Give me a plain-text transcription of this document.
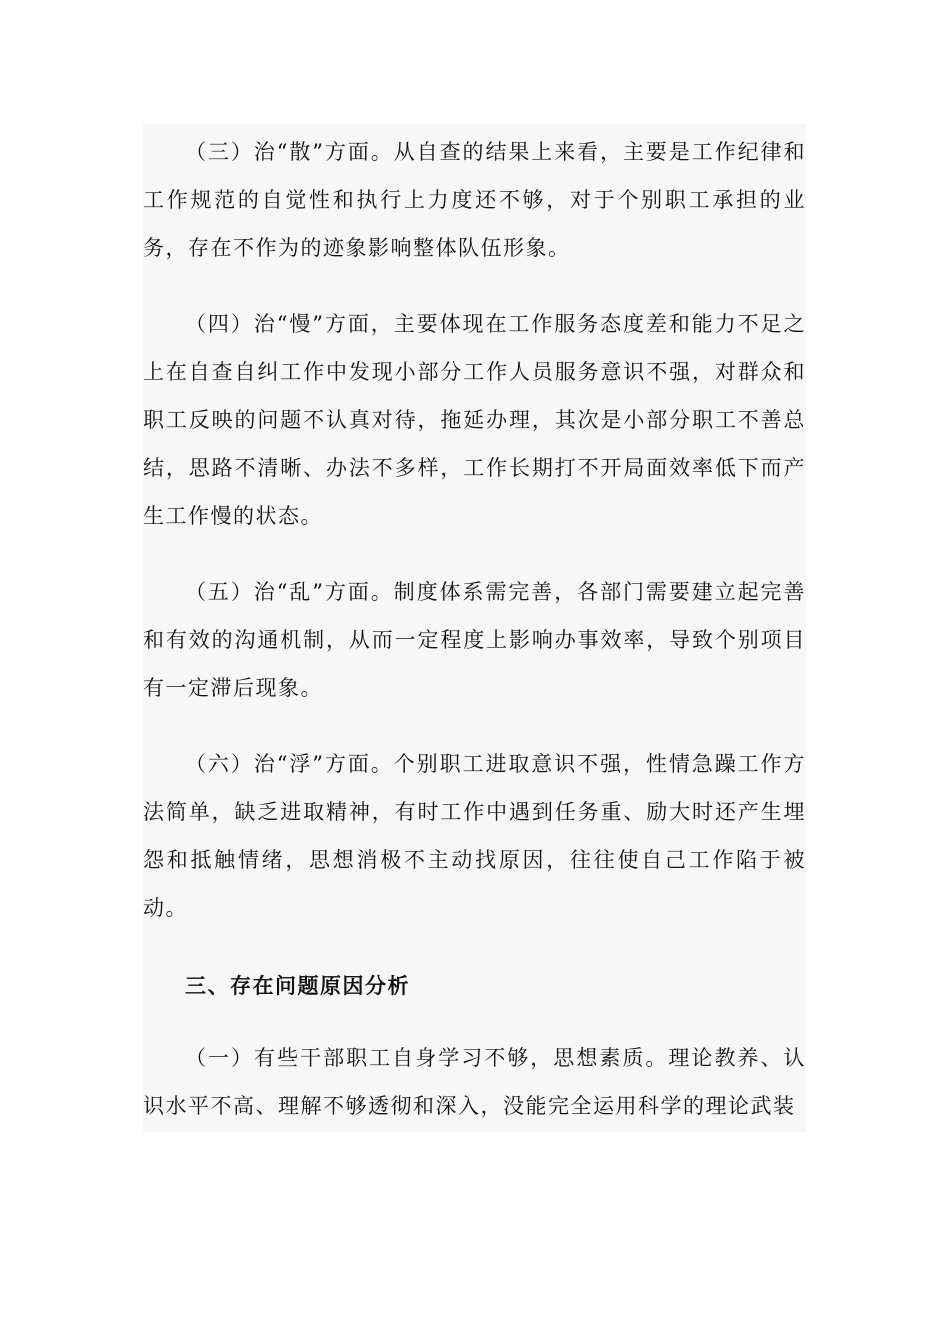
（三）治“散”方面。从自查的结果上来看，主要是工作纪律和工作规范的自觉性和执行上力度还不够，对于个别职工承担的业务，存在不作为的迹象影响整体队伍形象。

（四）治“慢”方面，主要体现在工作服务态度差和能力不足之上在自查自纠工作中发现小部分工作人员服务意识不强，对群众和职工反映的问题不认真对待，拖延办理，其次是小部分职工不善总结，思路不清晰、办法不多样，工作长期打不开局面效率低下而产生工作慢的状态。

（五）治“乱”方面。制度体系需完善，各部门需要建立起完善和有效的沟通机制，从而一定程度上影响办事效率，导致个别项目有一定滞后现象。

（六）治“浮”方面。个别职工进取意识不强，性情急躁工作方法简单，缺乏进取精神，有时工作中遇到任务重、励大时还产生埋怨和抵触情绪，思想消极不主动找原因，往往使自己工作陷于被动。

三、存在问题原因分析

（一）有些干部职工自身学习不够，思想素质。理论教养、认识水平不高、理解不够透彻和深入，没能完全运用科学的理论武装
